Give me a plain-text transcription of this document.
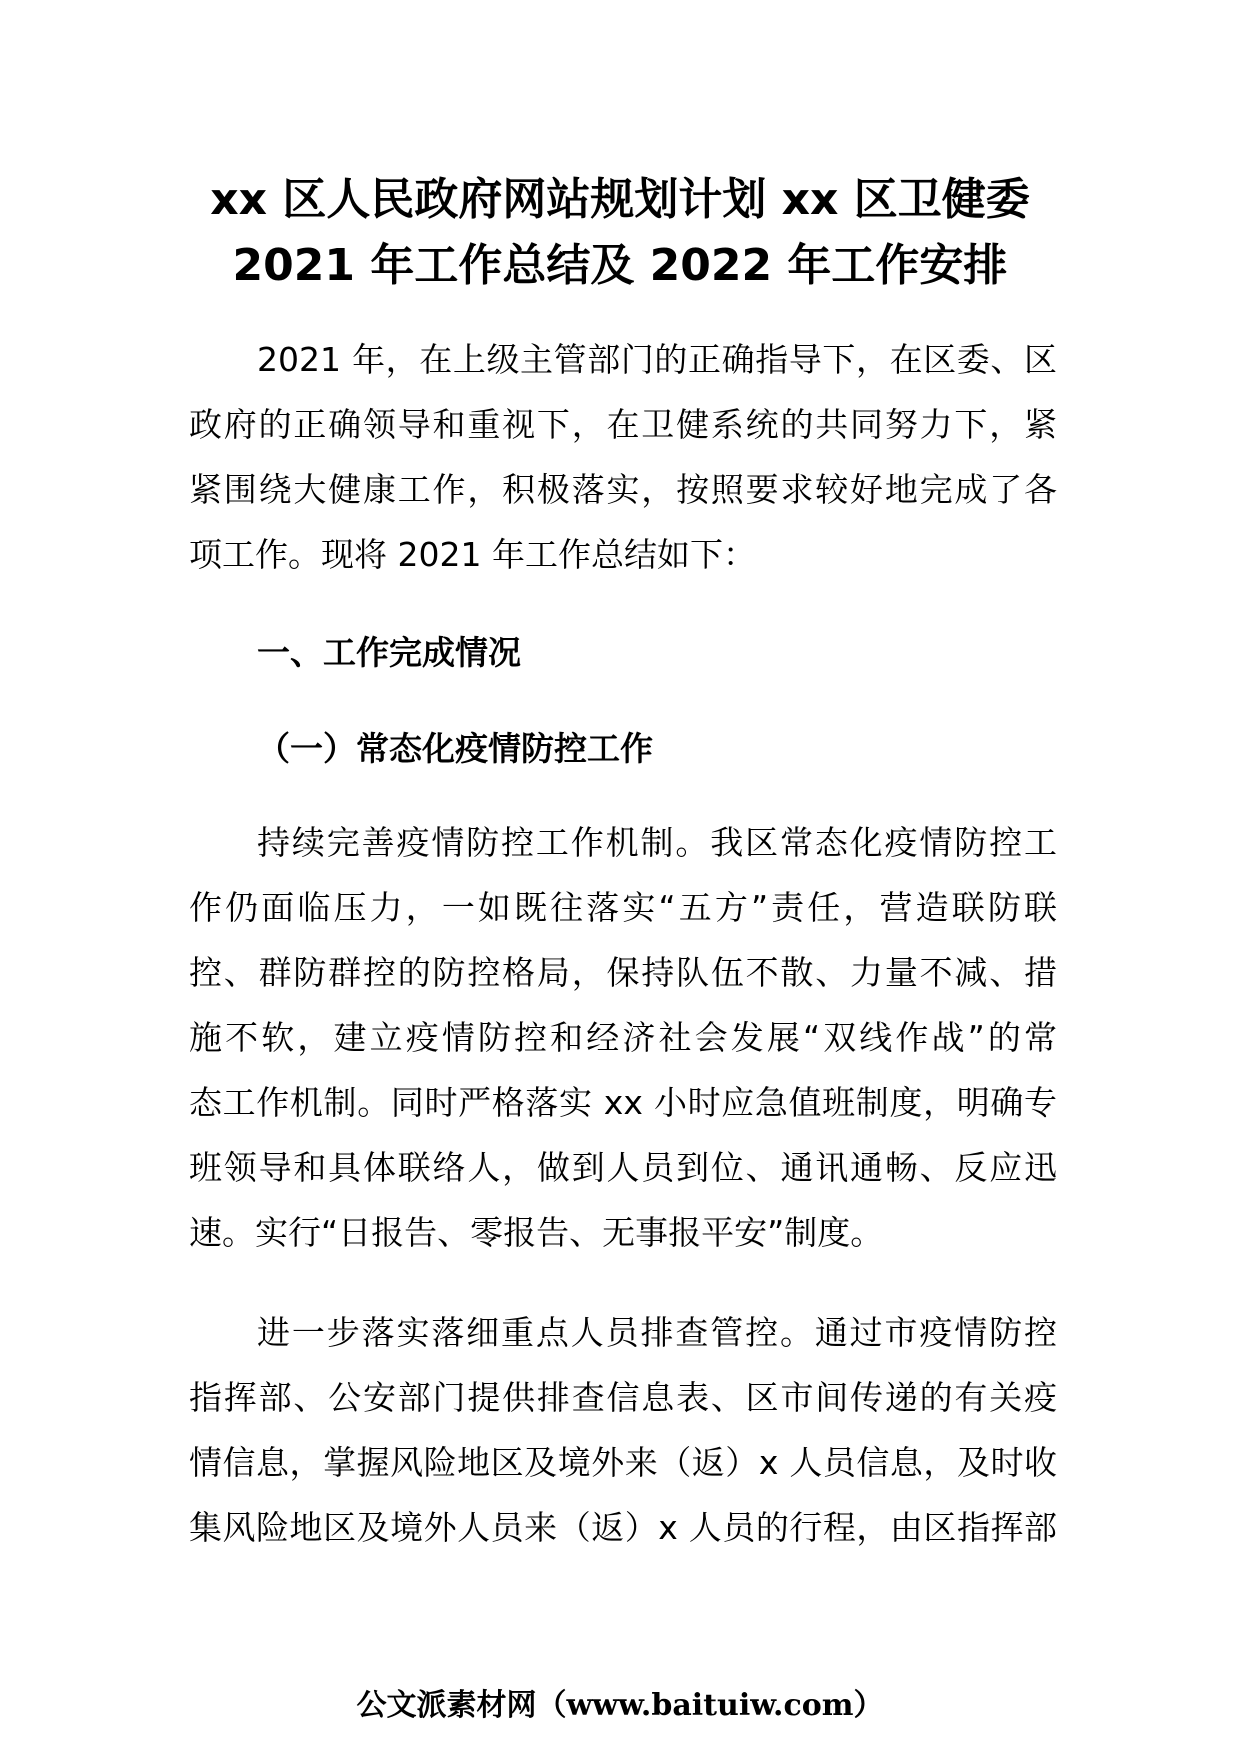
xx 区人民政府网站规划计划 xx 区卫健委
2021 年工作总结及 2022 年工作安排
2021 年，在上级主管部门的正确指导下，在区委、区
政府的正确领导和重视下，在卫健系统的共同努力下，紧
紧围绕大健康工作，积极落实，按照要求较好地完成了各
项工作。现将 2021 年工作总结如下：
一、工作完成情况
（一）常态化疫情防控工作
持续完善疫情防控工作机制。我区常态化疫情防控工
作仍面临压力，一如既往落实“五方”责任，营造联防联
控、群防群控的防控格局，保持队伍不散、力量不减、措
施不软，建立疫情防控和经济社会发展“双线作战”的常
态工作机制。同时严格落实 xx 小时应急值班制度，明确专
班领导和具体联络人，做到人员到位、通讯通畅、反应迅
速。实行“日报告、零报告、无事报平安”制度。
进一步落实落细重点人员排查管控。通过市疫情防控
指挥部、公安部门提供排查信息表、区市间传递的有关疫
情信息，掌握风险地区及境外来（返）x 人员信息，及时收
集风险地区及境外人员来（返）x 人员的行程，由区指挥部
公文派素材网（www.baituiw.com）
